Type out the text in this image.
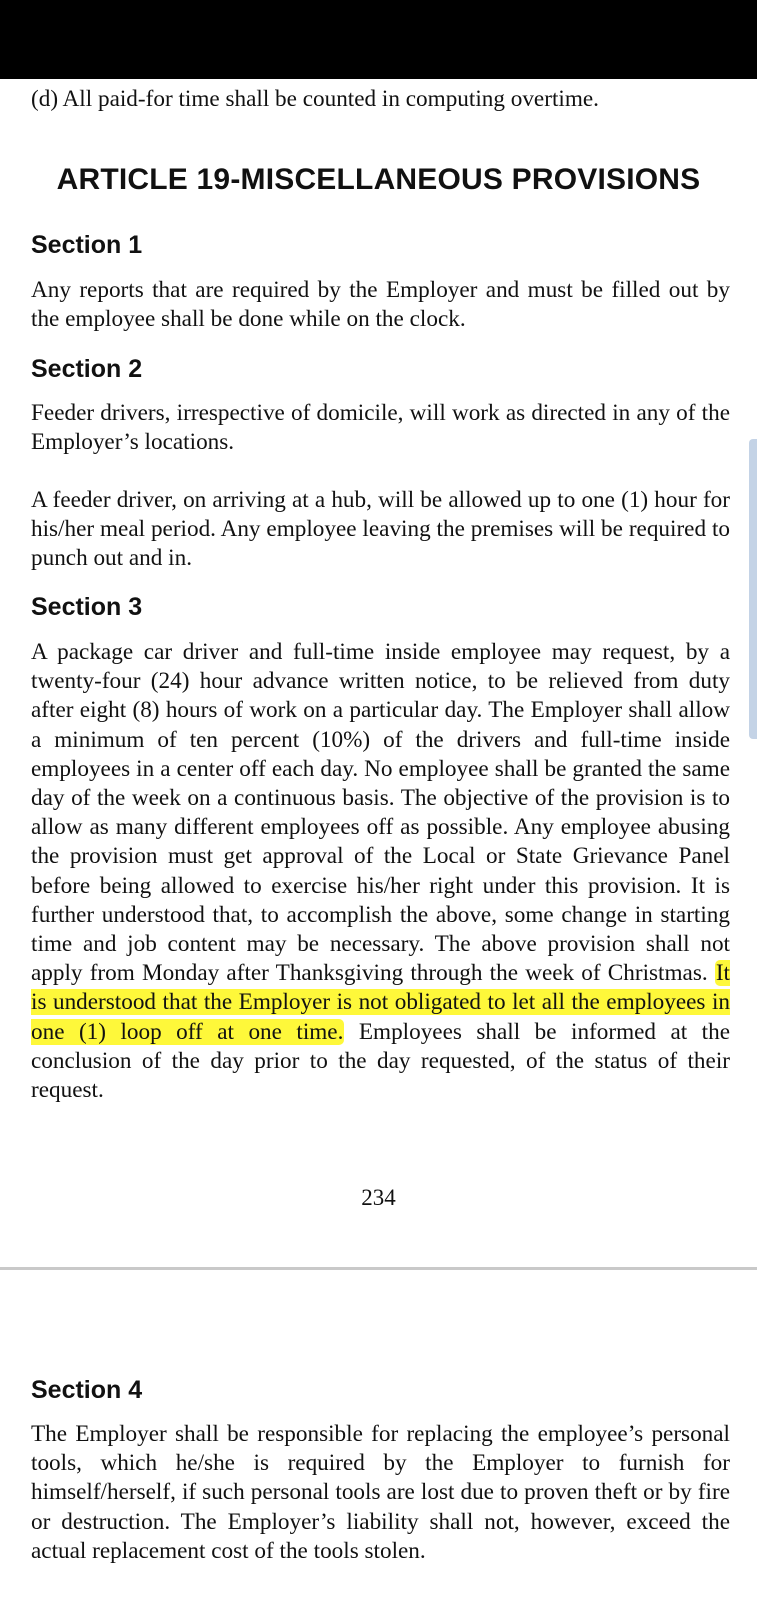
(d) All paid-for time shall be counted in computing overtime.

ARTICLE 19-MISCELLANEOUS PROVISIONS
Section 1

Any reports that are required by the Employer and must be filled out by the employee shall be done while on the clock.

Section 2

Feeder drivers, irrespective of domicile, will work as directed in any of the Employer’s locations.

A feeder driver, on arriving at a hub, will be allowed up to one (1) hour for his/her meal period. Any employee leaving the premises will be required to punch out and in.

Section 3

A package car driver and full-time inside employee may request, by a twenty-four (24) hour advance written notice, to be relieved from duty after eight (8) hours of work on a particular day. The Employer shall allow a minimum of ten percent (10%) of the drivers and full-time inside employees in a center off each day. No employee shall be granted the same day of the week on a continuous basis. The objective of the provision is to allow as many different employees off as possible. Any employee abusing the provision must get approval of the Local or State Grievance Panel before being allowed to exercise his/her right under this provision. It is further understood that, to accomplish the above, some change in starting time and job content may be necessary. The above provision shall not apply from Monday after Thanksgiving through the week of Christmas. It is understood that the Employer is not obligated to let all the employees in one (1) loop off at one time. Employees shall be informed at the conclusion of the day prior to the day requested, of the status of their request.

234
Section 4

The Employer shall be responsible for replacing the employee’s personal tools, which he/she is required by the Employer to furnish for himself/herself, if such personal tools are lost due to proven theft or by fire or destruction. The Employer’s liability shall not, however, exceed the actual replacement cost of the tools stolen.
